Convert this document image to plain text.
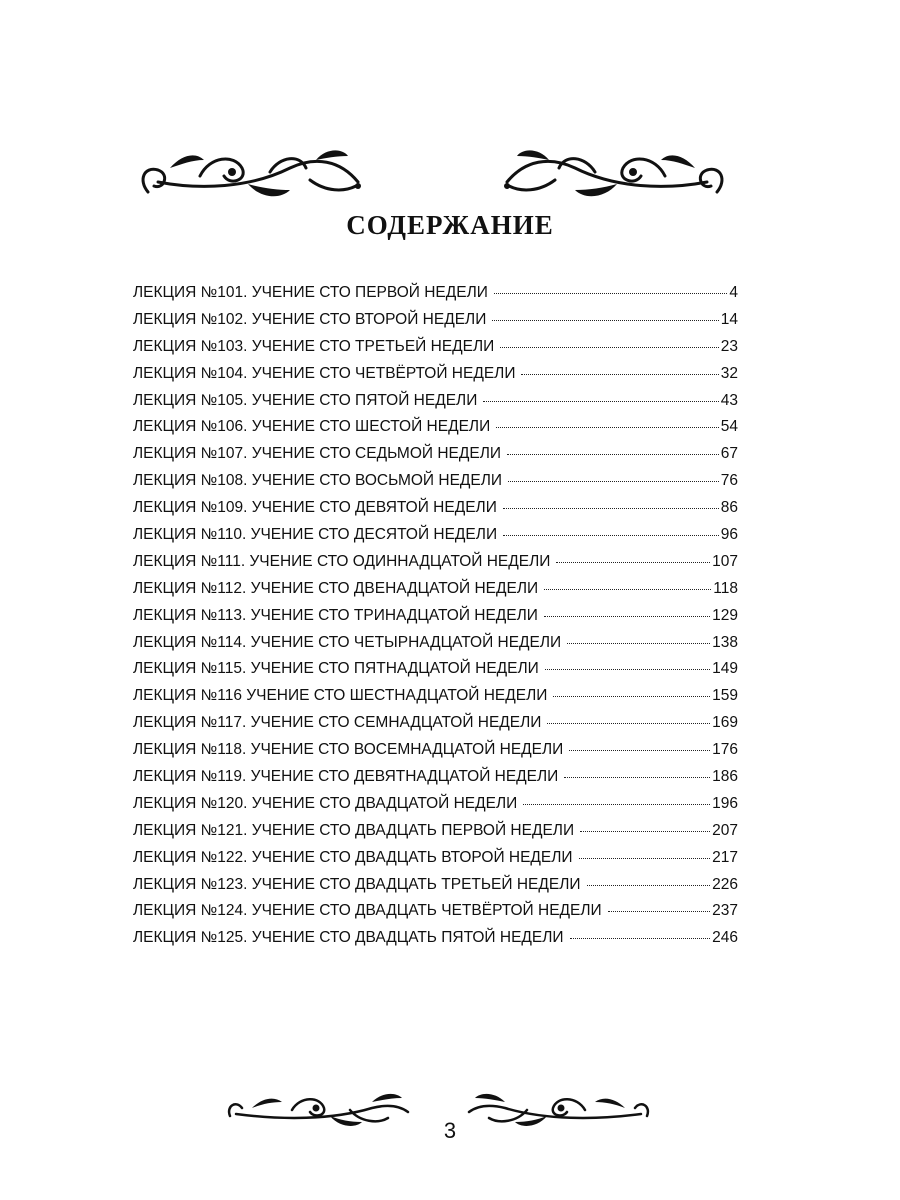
СОДЕРЖАНИЕ
ЛЕКЦИЯ №101. УЧЕНИЕ СТО ПЕРВОЙ НЕДЕЛИ	4
ЛЕКЦИЯ №102. УЧЕНИЕ СТО ВТОРОЙ НЕДЕЛИ	14
ЛЕКЦИЯ №103. УЧЕНИЕ СТО ТРЕТЬЕЙ НЕДЕЛИ	23
ЛЕКЦИЯ №104. УЧЕНИЕ СТО ЧЕТВЁРТОЙ НЕДЕЛИ	32
ЛЕКЦИЯ №105. УЧЕНИЕ СТО ПЯТОЙ НЕДЕЛИ	43
ЛЕКЦИЯ №106. УЧЕНИЕ СТО ШЕСТОЙ НЕДЕЛИ	54
ЛЕКЦИЯ №107. УЧЕНИЕ СТО СЕДЬМОЙ НЕДЕЛИ	67
ЛЕКЦИЯ №108. УЧЕНИЕ СТО ВОСЬМОЙ НЕДЕЛИ	76
ЛЕКЦИЯ №109. УЧЕНИЕ СТО ДЕВЯТОЙ НЕДЕЛИ	86
ЛЕКЦИЯ №110. УЧЕНИЕ СТО ДЕСЯТОЙ НЕДЕЛИ	96
ЛЕКЦИЯ №111. УЧЕНИЕ СТО ОДИННАДЦАТОЙ НЕДЕЛИ	107
ЛЕКЦИЯ №112. УЧЕНИЕ СТО ДВЕНАДЦАТОЙ НЕДЕЛИ	118
ЛЕКЦИЯ №113. УЧЕНИЕ СТО ТРИНАДЦАТОЙ НЕДЕЛИ	129
ЛЕКЦИЯ №114. УЧЕНИЕ СТО ЧЕТЫРНАДЦАТОЙ НЕДЕЛИ	138
ЛЕКЦИЯ №115. УЧЕНИЕ СТО ПЯТНАДЦАТОЙ НЕДЕЛИ	149
ЛЕКЦИЯ №116 УЧЕНИЕ СТО ШЕСТНАДЦАТОЙ НЕДЕЛИ	159
ЛЕКЦИЯ №117. УЧЕНИЕ СТО СЕМНАДЦАТОЙ НЕДЕЛИ	169
ЛЕКЦИЯ №118. УЧЕНИЕ СТО ВОСЕМНАДЦАТОЙ НЕДЕЛИ	176
ЛЕКЦИЯ №119. УЧЕНИЕ СТО ДЕВЯТНАДЦАТОЙ НЕДЕЛИ	186
ЛЕКЦИЯ №120. УЧЕНИЕ СТО ДВАДЦАТОЙ НЕДЕЛИ	196
ЛЕКЦИЯ №121. УЧЕНИЕ СТО ДВАДЦАТЬ ПЕРВОЙ НЕДЕЛИ	207
ЛЕКЦИЯ №122. УЧЕНИЕ СТО ДВАДЦАТЬ ВТОРОЙ НЕДЕЛИ	217
ЛЕКЦИЯ №123. УЧЕНИЕ СТО ДВАДЦАТЬ ТРЕТЬЕЙ НЕДЕЛИ	226
ЛЕКЦИЯ №124. УЧЕНИЕ СТО ДВАДЦАТЬ ЧЕТВЁРТОЙ НЕДЕЛИ	237
ЛЕКЦИЯ №125. УЧЕНИЕ СТО ДВАДЦАТЬ ПЯТОЙ НЕДЕЛИ	246
3
